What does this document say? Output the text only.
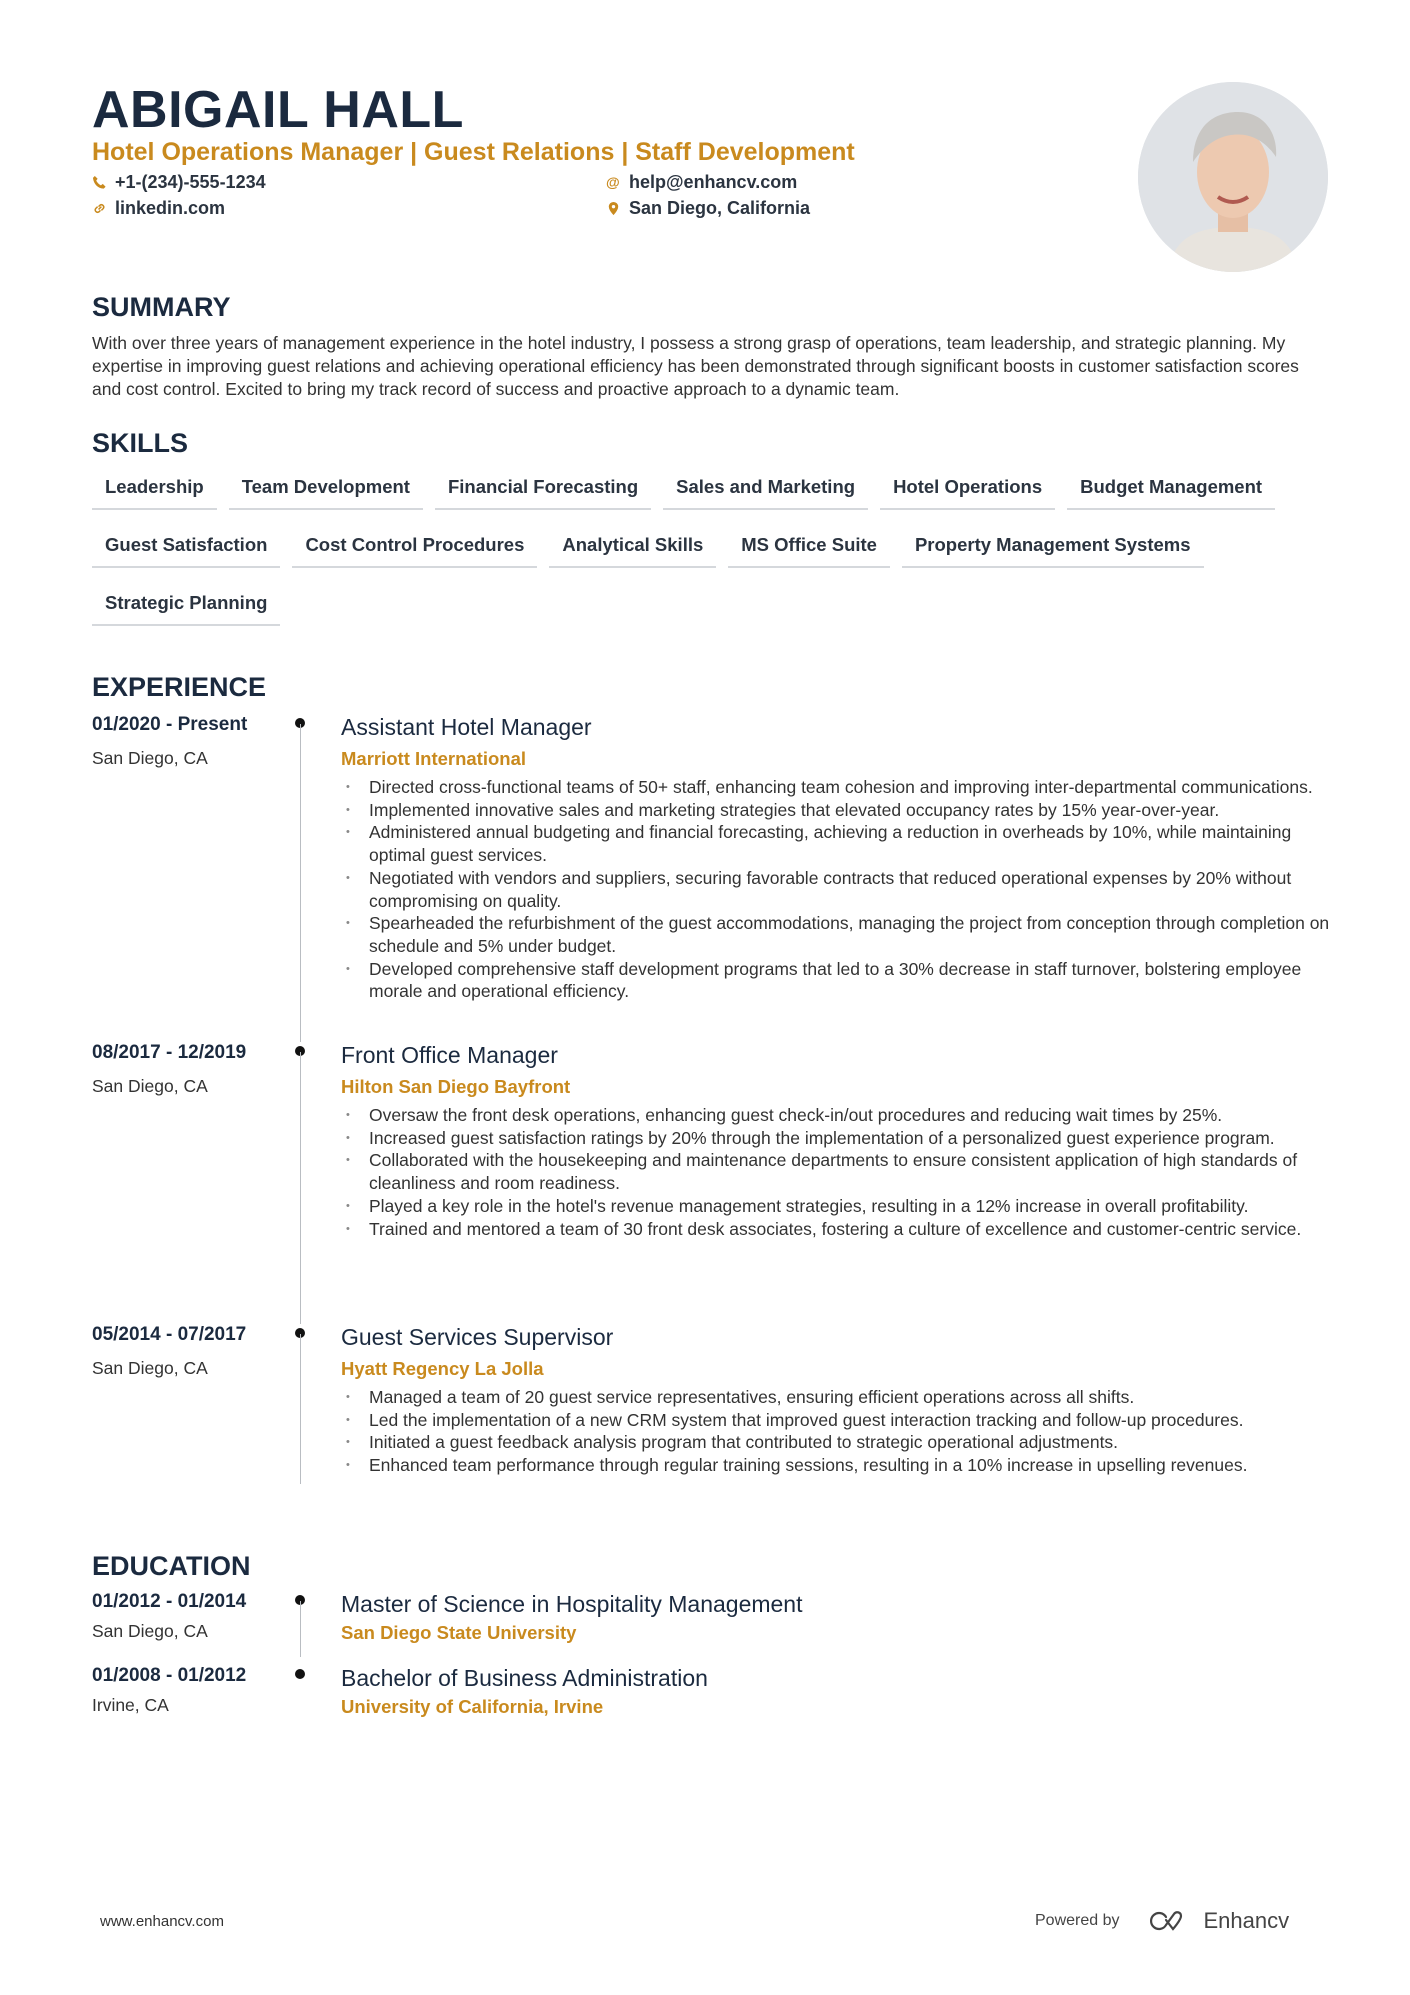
ABIGAIL HALL
Hotel Operations Manager | Guest Relations | Staff Development
+1-(234)-555-1234
linkedin.com
@ help@enhancv.com
San Diego, California
SUMMARY
With over three years of management experience in the hotel industry, I possess a strong grasp of operations, team leadership, and strategic planning. My expertise in improving guest relations and achieving operational efficiency has been demonstrated through significant boosts in customer satisfaction scores and cost control. Excited to bring my track record of success and proactive approach to a dynamic team.
SKILLS
Leadership	Team Development	Financial Forecasting	Sales and Marketing	Hotel Operations	Budget Management
Guest Satisfaction	Cost Control Procedures	Analytical Skills	MS Office Suite	Property Management Systems
Strategic Planning
EXPERIENCE
01/2020 - Present
San Diego, CA
Assistant Hotel Manager
Marriott International
• Directed cross-functional teams of 50+ staff, enhancing team cohesion and improving inter-departmental communications.
• Implemented innovative sales and marketing strategies that elevated occupancy rates by 15% year-over-year.
• Administered annual budgeting and financial forecasting, achieving a reduction in overheads by 10%, while maintaining optimal guest services.
• Negotiated with vendors and suppliers, securing favorable contracts that reduced operational expenses by 20% without compromising on quality.
• Spearheaded the refurbishment of the guest accommodations, managing the project from conception through completion on schedule and 5% under budget.
• Developed comprehensive staff development programs that led to a 30% decrease in staff turnover, bolstering employee morale and operational efficiency.
08/2017 - 12/2019
San Diego, CA
Front Office Manager
Hilton San Diego Bayfront
• Oversaw the front desk operations, enhancing guest check-in/out procedures and reducing wait times by 25%.
• Increased guest satisfaction ratings by 20% through the implementation of a personalized guest experience program.
• Collaborated with the housekeeping and maintenance departments to ensure consistent application of high standards of cleanliness and room readiness.
• Played a key role in the hotel's revenue management strategies, resulting in a 12% increase in overall profitability.
• Trained and mentored a team of 30 front desk associates, fostering a culture of excellence and customer-centric service.
05/2014 - 07/2017
San Diego, CA
Guest Services Supervisor
Hyatt Regency La Jolla
• Managed a team of 20 guest service representatives, ensuring efficient operations across all shifts.
• Led the implementation of a new CRM system that improved guest interaction tracking and follow-up procedures.
• Initiated a guest feedback analysis program that contributed to strategic operational adjustments.
• Enhanced team performance through regular training sessions, resulting in a 10% increase in upselling revenues.
EDUCATION
01/2012 - 01/2014
San Diego, CA
Master of Science in Hospitality Management
San Diego State University
01/2008 - 01/2012
Irvine, CA
Bachelor of Business Administration
University of California, Irvine
www.enhancv.com	Powered by	Enhancv
